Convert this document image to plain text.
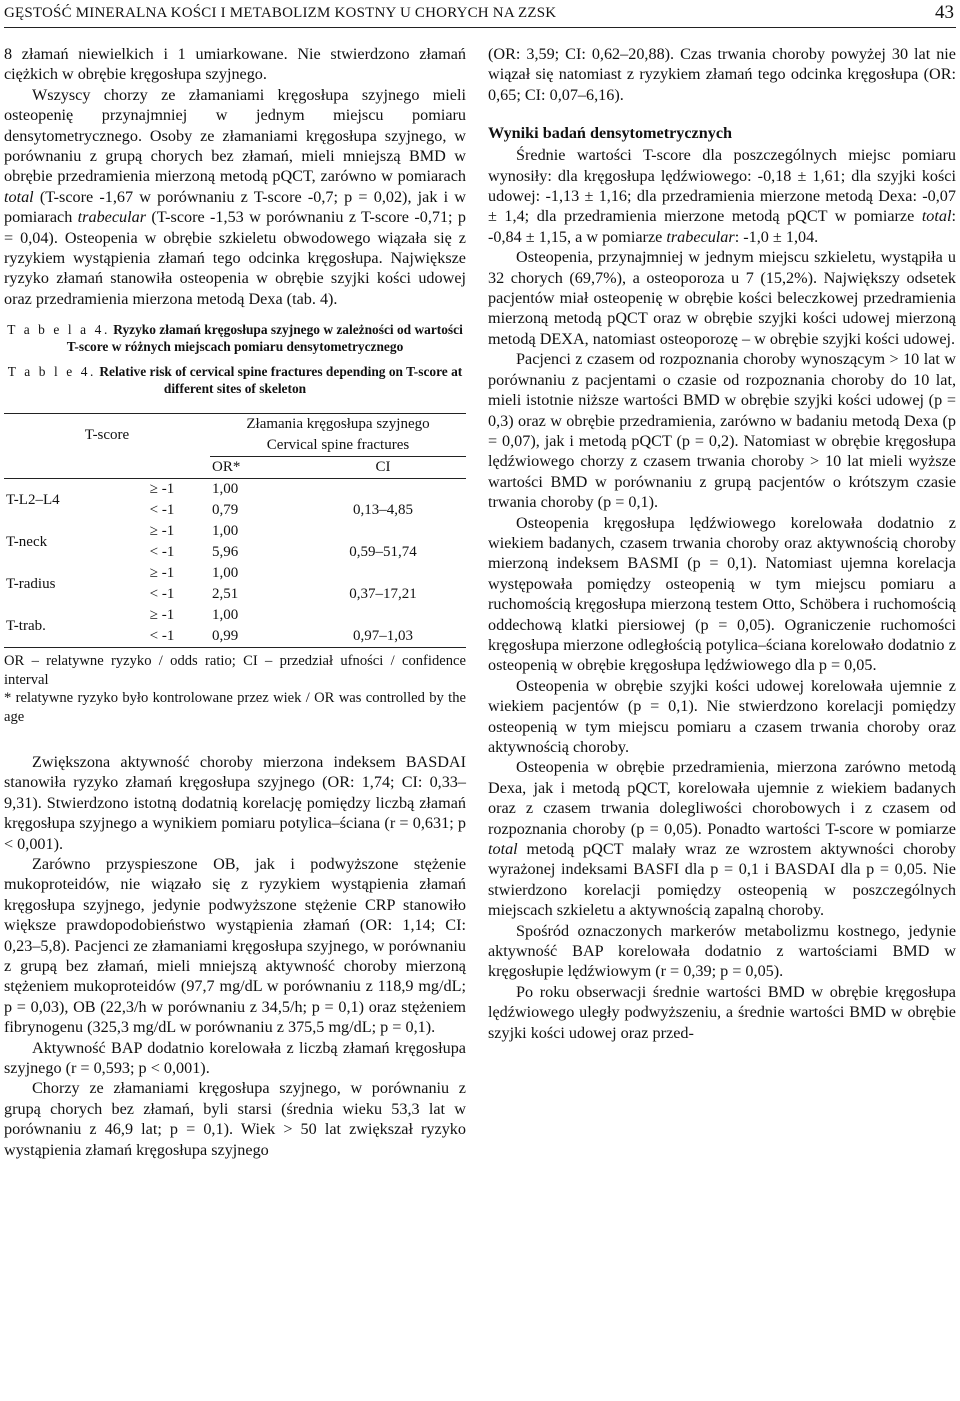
GĘSTOŚĆ MINERALNA KOŚCI I METABOLIZM KOSTNY U CHORYCH NA ZZSK	43

8 złamań niewielkich i 1 umiarkowane. Nie stwierdzono złamań ciężkich w obrębie kręgosłupa szyjnego.

Wszyscy chorzy ze złamaniami kręgosłupa szyjnego mieli osteopenię przynajmniej w jednym miejscu pomiaru densytometrycznego. Osoby ze złamaniami kręgosłupa szyjnego, w porównaniu z grupą chorych bez złamań, mieli mniejszą BMD w obrębie przedramienia mierzoną metodą pQCT, zarówno w pomiarach total (T-score -1,67 w porównaniu z T-score -0,7; p = 0,02), jak i w pomiarach trabecular (T-score -1,53 w porównaniu z T-score -0,71; p = 0,04). Osteopenia w obrębie szkieletu obwodowego wiązała się z ryzykiem wystąpienia złamań tego odcinka kręgosłupa. Największe ryzyko złamań stanowiła osteopenia w obrębie szyjki kości udowej oraz przedramienia mierzona metodą Dexa (tab. 4).

T a b e l a 4. Ryzyko złamań kręgosłupa szyjnego w zależności od wartości T-score w różnych miejscach pomiaru densytometrycznego
T a b l e 4. Relative risk of cervical spine fractures depending on T-score at different sites of skeleton
T-score		Złamania kręgosłupa szyjnego	
		Cervical spine fractures	
		OR*	CI
T-L2–L4	≥ -1	1,00	
	< -1	0,79	0,13–4,85
T-neck	≥ -1	1,00	
	< -1	5,96	0,59–51,74
T-radius	≥ -1	1,00	
	< -1	2,51	0,37–17,21
T-trab.	≥ -1	1,00	
	< -1	0,99	0,97–1,03
OR – relatywne ryzyko / odds ratio; CI – przedział ufności / confidence interval
* relatywne ryzyko było kontrolowane przez wiek / OR was controlled by the age

Zwiększona aktywność choroby mierzona indeksem BASDAI stanowiła ryzyko złamań kręgosłupa szyjnego (OR: 1,74; CI: 0,33–9,31). Stwierdzono istotną dodatnią korelację pomiędzy liczbą złamań kręgosłupa szyjnego a wynikiem pomiaru potylica–ściana (r = 0,631; p < 0,001).

Zarówno przyspieszone OB, jak i podwyższone stężenie mukoproteidów, nie wiązało się z ryzykiem wystąpienia złamań kręgosłupa szyjnego, jedynie podwyższone stężenie CRP stanowiło większe prawdopodobieństwo wystąpienia złamań (OR: 1,14; CI: 0,23–5,8). Pacjenci ze złamaniami kręgosłupa szyjnego, w porównaniu z grupą bez złamań, mieli mniejszą aktywność choroby mierzoną stężeniem mukoproteidów (97,7 mg/dL w porównaniu z 118,9 mg/dL; p = 0,03), OB (22,3/h w porównaniu z 34,5/h; p = 0,1) oraz stężeniem fibrynogenu (325,3 mg/dL w porównaniu z 375,5 mg/dL; p = 0,1).

Aktywność BAP dodatnio korelowała z liczbą złamań kręgosłupa szyjnego (r = 0,593; p < 0,001).

Chorzy ze złamaniami kręgosłupa szyjnego, w porównaniu z grupą chorych bez złamań, byli starsi (średnia wieku 53,3 lat w porównaniu z 46,9 lat; p = 0,1). Wiek > 50 lat zwiększał ryzyko wystąpienia złamań kręgosłupa szyjnego

(OR: 3,59; CI: 0,62–20,88). Czas trwania choroby powyżej 30 lat nie wiązał się natomiast z ryzykiem złamań tego odcinka kręgosłupa (OR: 0,65; CI: 0,07–6,16).

Wyniki badań densytometrycznych

Średnie wartości T-score dla poszczególnych miejsc pomiaru wynosiły: dla kręgosłupa lędźwiowego: -0,18 ± 1,61; dla szyjki kości udowej: -1,13 ± 1,16; dla przedramienia mierzone metodą Dexa: -0,07 ± 1,4; dla przedramienia mierzone metodą pQCT w pomiarze total: -0,84 ± 1,15, a w pomiarze trabecular: -1,0 ± 1,04.

Osteopenia, przynajmniej w jednym miejscu szkieletu, wystąpiła u 32 chorych (69,7%), a osteoporoza u 7 (15,2%). Największy odsetek pacjentów miał osteopenię w obrębie kości beleczkowej przedramienia mierzoną metodą pQCT oraz w obrębie szyjki kości udowej mierzoną metodą DEXA, natomiast osteoporozę – w obrębie szyjki kości udowej.

Pacjenci z czasem od rozpoznania choroby wynoszącym > 10 lat w porównaniu z pacjentami o czasie od rozpoznania choroby do 10 lat, mieli istotnie niższe wartości BMD w obrębie szyjki kości udowej (p = 0,3) oraz w obrębie przedramienia, zarówno w badaniu metodą Dexa (p = 0,07), jak i metodą pQCT (p = 0,2). Natomiast w obrębie kręgosłupa lędźwiowego chorzy z czasem trwania choroby > 10 lat mieli wyższe wartości BMD w porównaniu z grupą pacjentów o krótszym czasie trwania choroby (p = 0,1).

Osteopenia kręgosłupa lędźwiowego korelowała dodatnio z wiekiem badanych, czasem trwania choroby oraz aktywnością choroby mierzoną indeksem BASMI (p = 0,1). Natomiast ujemna korelacja występowała pomiędzy osteopenią w tym miejscu pomiaru a ruchomością kręgosłupa mierzoną testem Otto, Schöbera i ruchomością oddechową klatki piersiowej (p = 0,05). Ograniczenie ruchomości kręgosłupa mierzone odległością potylica–ściana korelowało dodatnio z osteopenią w obrębie kręgosłupa lędźwiowego dla p = 0,05.

Osteopenia w obrębie szyjki kości udowej korelowała ujemnie z wiekiem pacjentów (p = 0,1). Nie stwierdzono korelacji pomiędzy osteopenią w tym miejscu pomiaru a czasem trwania choroby oraz aktywnością choroby.

Osteopenia w obrębie przedramienia, mierzona zarówno metodą Dexa, jak i metodą pQCT, korelowała ujemnie z wiekiem badanych oraz z czasem trwania dolegliwości chorobowych i z czasem od rozpoznania choroby (p = 0,05). Ponadto wartości T-score w pomiarze total metodą pQCT malały wraz ze wzrostem aktywności choroby wyrażonej indeksami BASFI dla p = 0,1 i BASDAI dla p = 0,05. Nie stwierdzono korelacji pomiędzy osteopenią w poszczególnych miejscach szkieletu a aktywnością zapalną choroby.

Spośród oznaczonych markerów metabolizmu kostnego, jedynie aktywność BAP korelowała dodatnio z wartościami BMD w kręgosłupie lędźwiowym (r = 0,39; p = 0,05).

Po roku obserwacji średnie wartości BMD w obrębie kręgosłupa lędźwiowego uległy podwyższeniu, a średnie wartości BMD w obrębie szyjki kości udowej oraz przed-
